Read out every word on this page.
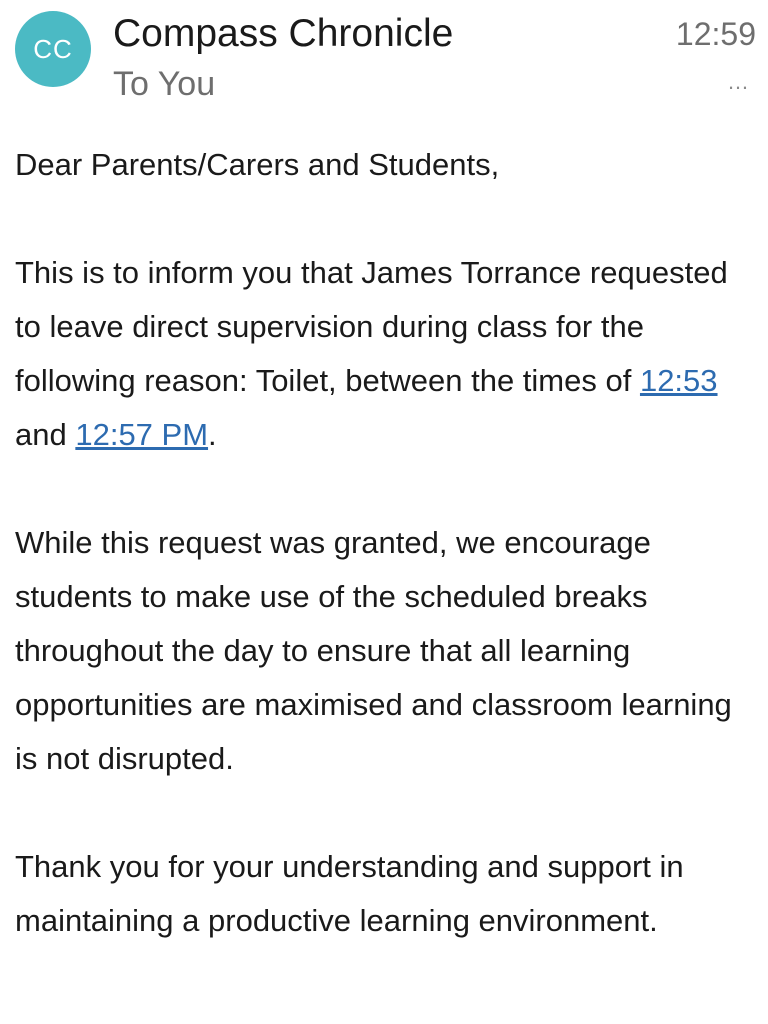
CC	Compass Chronicle
To You
12:59
…

Dear Parents/Carers and Students,

This is to inform you that James Torrance requested to leave direct supervision during class for the following reason: Toilet, between the times of 12:53 and 12:57 PM.

While this request was granted, we encourage students to make use of the scheduled breaks throughout the day to ensure that all learning opportunities are maximised and classroom learning is not disrupted.

Thank you for your understanding and support in maintaining a productive learning environment.
